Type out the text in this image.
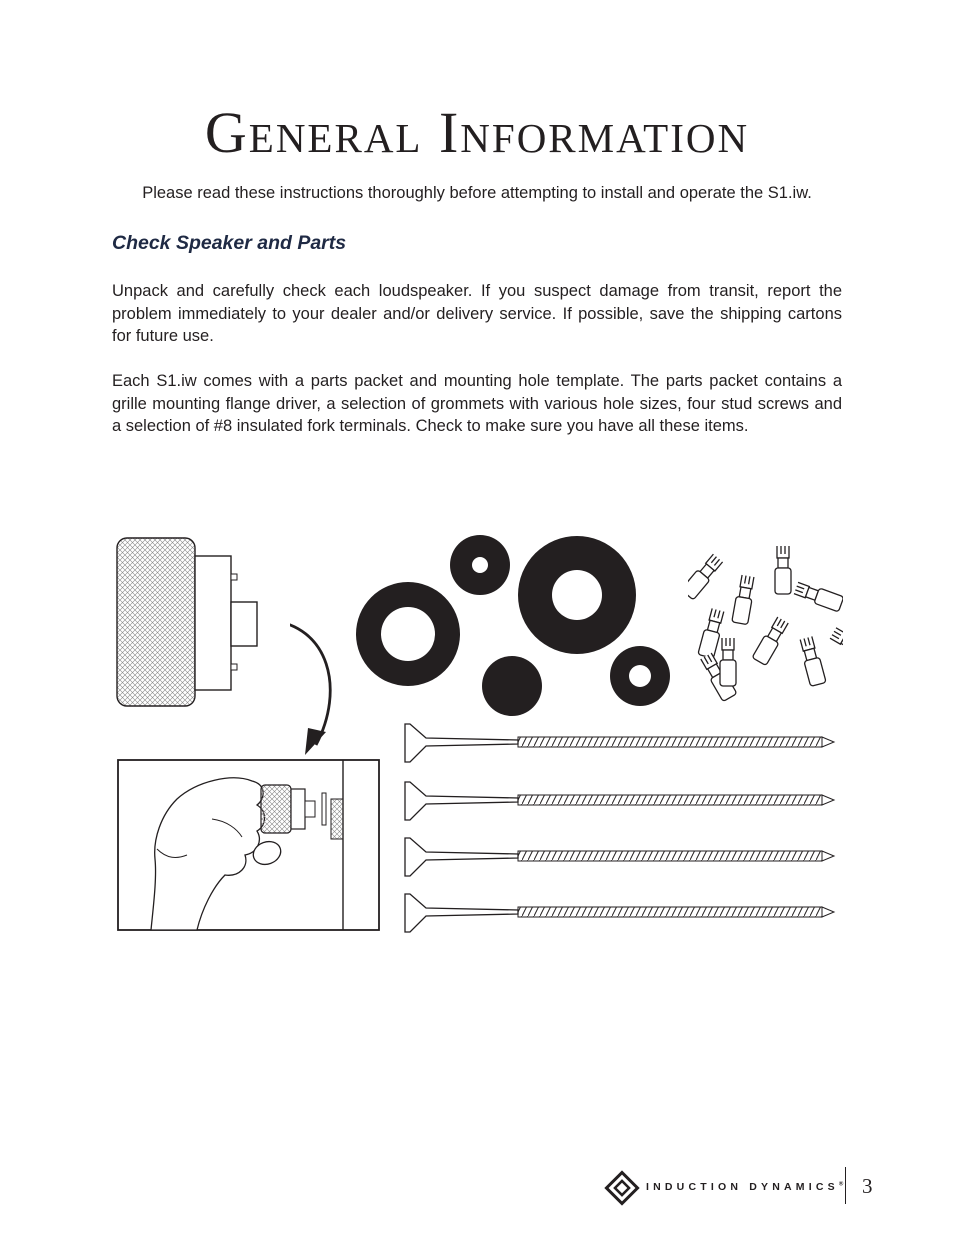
General Information

Please read these instructions thoroughly before attempting to install and operate the S1.iw.

Check Speaker and Parts

Unpack and carefully check each loudspeaker. If you suspect damage from transit, report the problem immediately to your dealer and/or delivery service. If possible, save the shipping cartons for future use.

Each S1.iw comes with a parts packet and mounting hole template. The parts packet contains a grille mounting flange driver, a selection of grommets with various hole sizes, four stud screws and a selection of #8 insulated fork terminals. Check to make sure you have all these items.

INDUCTION DYNAMICS® 3
